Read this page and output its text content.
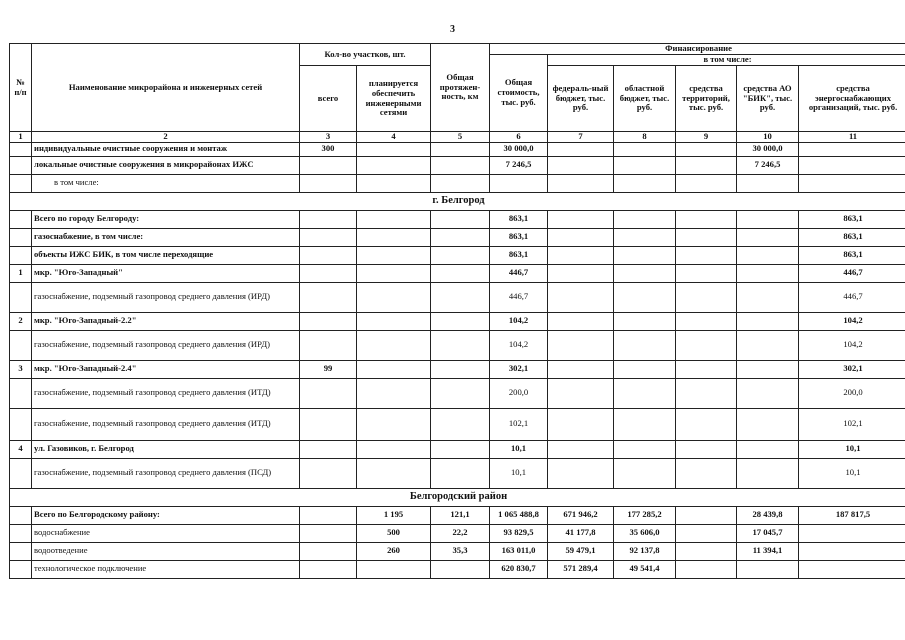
3
№ п/п	Наименование микрорайона и инженерных сетей	Кол-во участков, шт.		Общая протяжен-ность, км	Финансирование					
					Общая стоимость, тыс. руб.	в том числе:				
		всего	планируется обеспечить инженерными сетями			федераль-ный бюджет, тыс. руб.	областной бюджет, тыс. руб.	средства территорий, тыс. руб.	средства АО "БИК", тыс. руб.	средства энергоснабжающих организаций, тыс. руб.
1	2	3	4	5	6	7	8	9	10	11
	индивидуальные очистные сооружения и монтаж	300			30 000,0				30 000,0	
	локальные очистные сооружения в микрорайонах ИЖС				7 246,5				7 246,5	
	в том числе:									
г. Белгород										
	Всего по городу Белгороду:				863,1					863,1
	газоснабжение, в том числе:				863,1					863,1
	объекты ИЖС БИК, в том числе переходящие				863,1					863,1
1	мкр. "Юго-Западный"				446,7					446,7
	газоснабжение, подземный газопровод среднего давления (ИРД)				446,7					446,7
2	мкр. "Юго-Западный-2.2"				104,2					104,2
	газоснабжение, подземный газопровод среднего давления (ИРД)				104,2					104,2
3	мкр. "Юго-Западный-2.4"	99			302,1					302,1
	газоснабжение, подземный газопровод среднего давления (ИТД)				200,0					200,0
	газоснабжение, подземный газопровод среднего давления (ИТД)				102,1					102,1
4	ул. Газовиков, г. Белгород				10,1					10,1
	газоснабжение, подземный газопровод среднего давления (ПСД)				10,1					10,1
Белгородский район										
	Всего по Белгородскому району:		1 195	121,1	1 065 488,8	671 946,2	177 285,2		28 439,8	187 817,5
	водоснабжение		500	22,2	93 829,5	41 177,8	35 606,0		17 045,7	
	водоотведение		260	35,3	163 011,0	59 479,1	92 137,8		11 394,1	
	технологическое подключение				620 830,7	571 289,4	49 541,4			
